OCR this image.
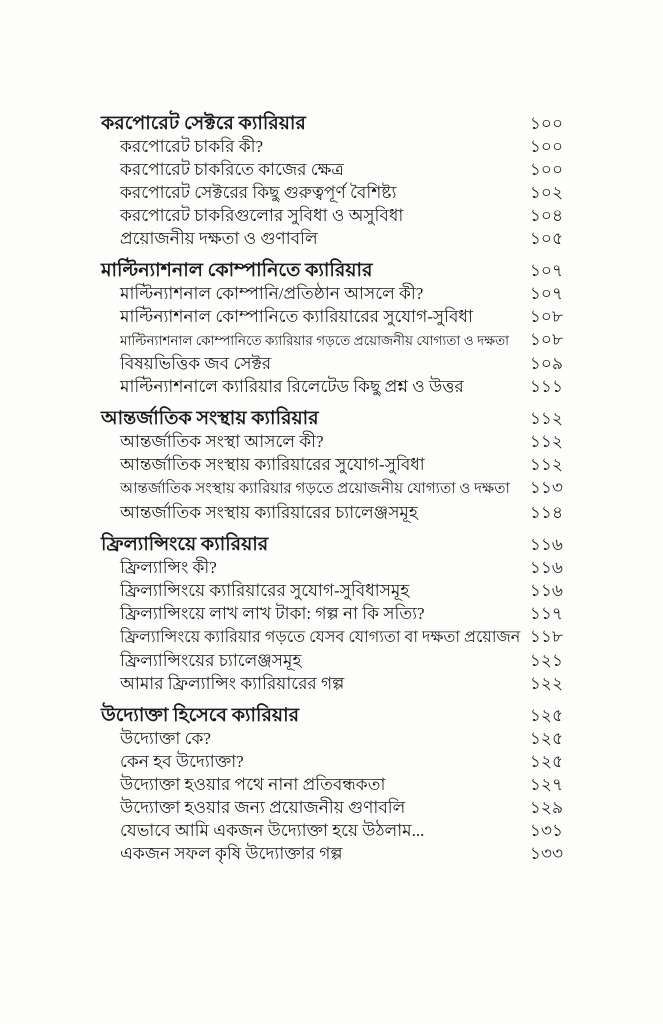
করপোরেট সেক্টরে ক্যারিয়ার	১০০
করপোরেট চাকরি কী?	১০০
করপোরেট চাকরিতে কাজের ক্ষেত্র	১০০
করপোরেট সেক্টরের কিছু গুরুত্বপূর্ণ বৈশিষ্ট্য	১০২
করপোরেট চাকরিগুলোর সুবিধা ও অসুবিধা	১০৪
প্রয়োজনীয় দক্ষতা ও গুণাবলি	১০৫
মাল্টিন্যাশনাল কোম্পানিতে ক্যারিয়ার	১০৭
মাল্টিন্যাশনাল কোম্পানি/প্রতিষ্ঠান আসলে কী?	১০৭
মাল্টিন্যাশনাল কোম্পানিতে ক্যারিয়ারের সুযোগ-সুবিধা	১০৮
মাল্টিন্যাশনাল কোম্পানিতে ক্যারিয়ার গড়তে প্রয়োজনীয় যোগ্যতা ও দক্ষতা ১০৮
বিষয়ভিত্তিক জব সেক্টর	১০৯
মাল্টিন্যাশনালে ক্যারিয়ার রিলেটেড কিছু প্রশ্ন ও উত্তর	১১১
আন্তর্জাতিক সংস্থায় ক্যারিয়ার	১১২
আন্তর্জাতিক সংস্থা আসলে কী?	১১২
আন্তর্জাতিক সংস্থায় ক্যারিয়ারের সুযোগ-সুবিধা	১১২
আন্তর্জাতিক সংস্থায় ক্যারিয়ার গড়তে প্রয়োজনীয় যোগ্যতা ও দক্ষতা ১১৩
আন্তর্জাতিক সংস্থায় ক্যারিয়ারের চ্যালেঞ্জসমূহ	১১৪
ফ্রিল্যান্সিংয়ে ক্যারিয়ার	১১৬
ফ্রিল্যান্সিং কী?	১১৬
ফ্রিল্যান্সিংয়ে ক্যারিয়ারের সুযোগ-সুবিধাসমূহ	১১৬
ফ্রিল্যান্সিংয়ে লাখ লাখ টাকা: গল্প না কি সত্যি?	১১৭
ফ্রিল্যান্সিংয়ে ক্যারিয়ার গড়তে যেসব যোগ্যতা বা দক্ষতা প্রয়োজন ১১৮
ফ্রিল্যান্সিংয়ের চ্যালেঞ্জসমূহ	১২১
আমার ফ্রিল্যান্সিং ক্যারিয়ারের গল্প	১২২
উদ্যোক্তা হিসেবে ক্যারিয়ার	১২৫
উদ্যোক্তা কে?	১২৫
কেন হব উদ্যোক্তা?	১২৫
উদ্যোক্তা হওয়ার পথে নানা প্রতিবন্ধকতা	১২৭
উদ্যোক্তা হওয়ার জন্য প্রয়োজনীয় গুণাবলি	১২৯
যেভাবে আমি একজন উদ্যোক্তা হয়ে উঠলাম...	১৩১
একজন সফল কৃষি উদ্যোক্তার গল্প	১৩৩
